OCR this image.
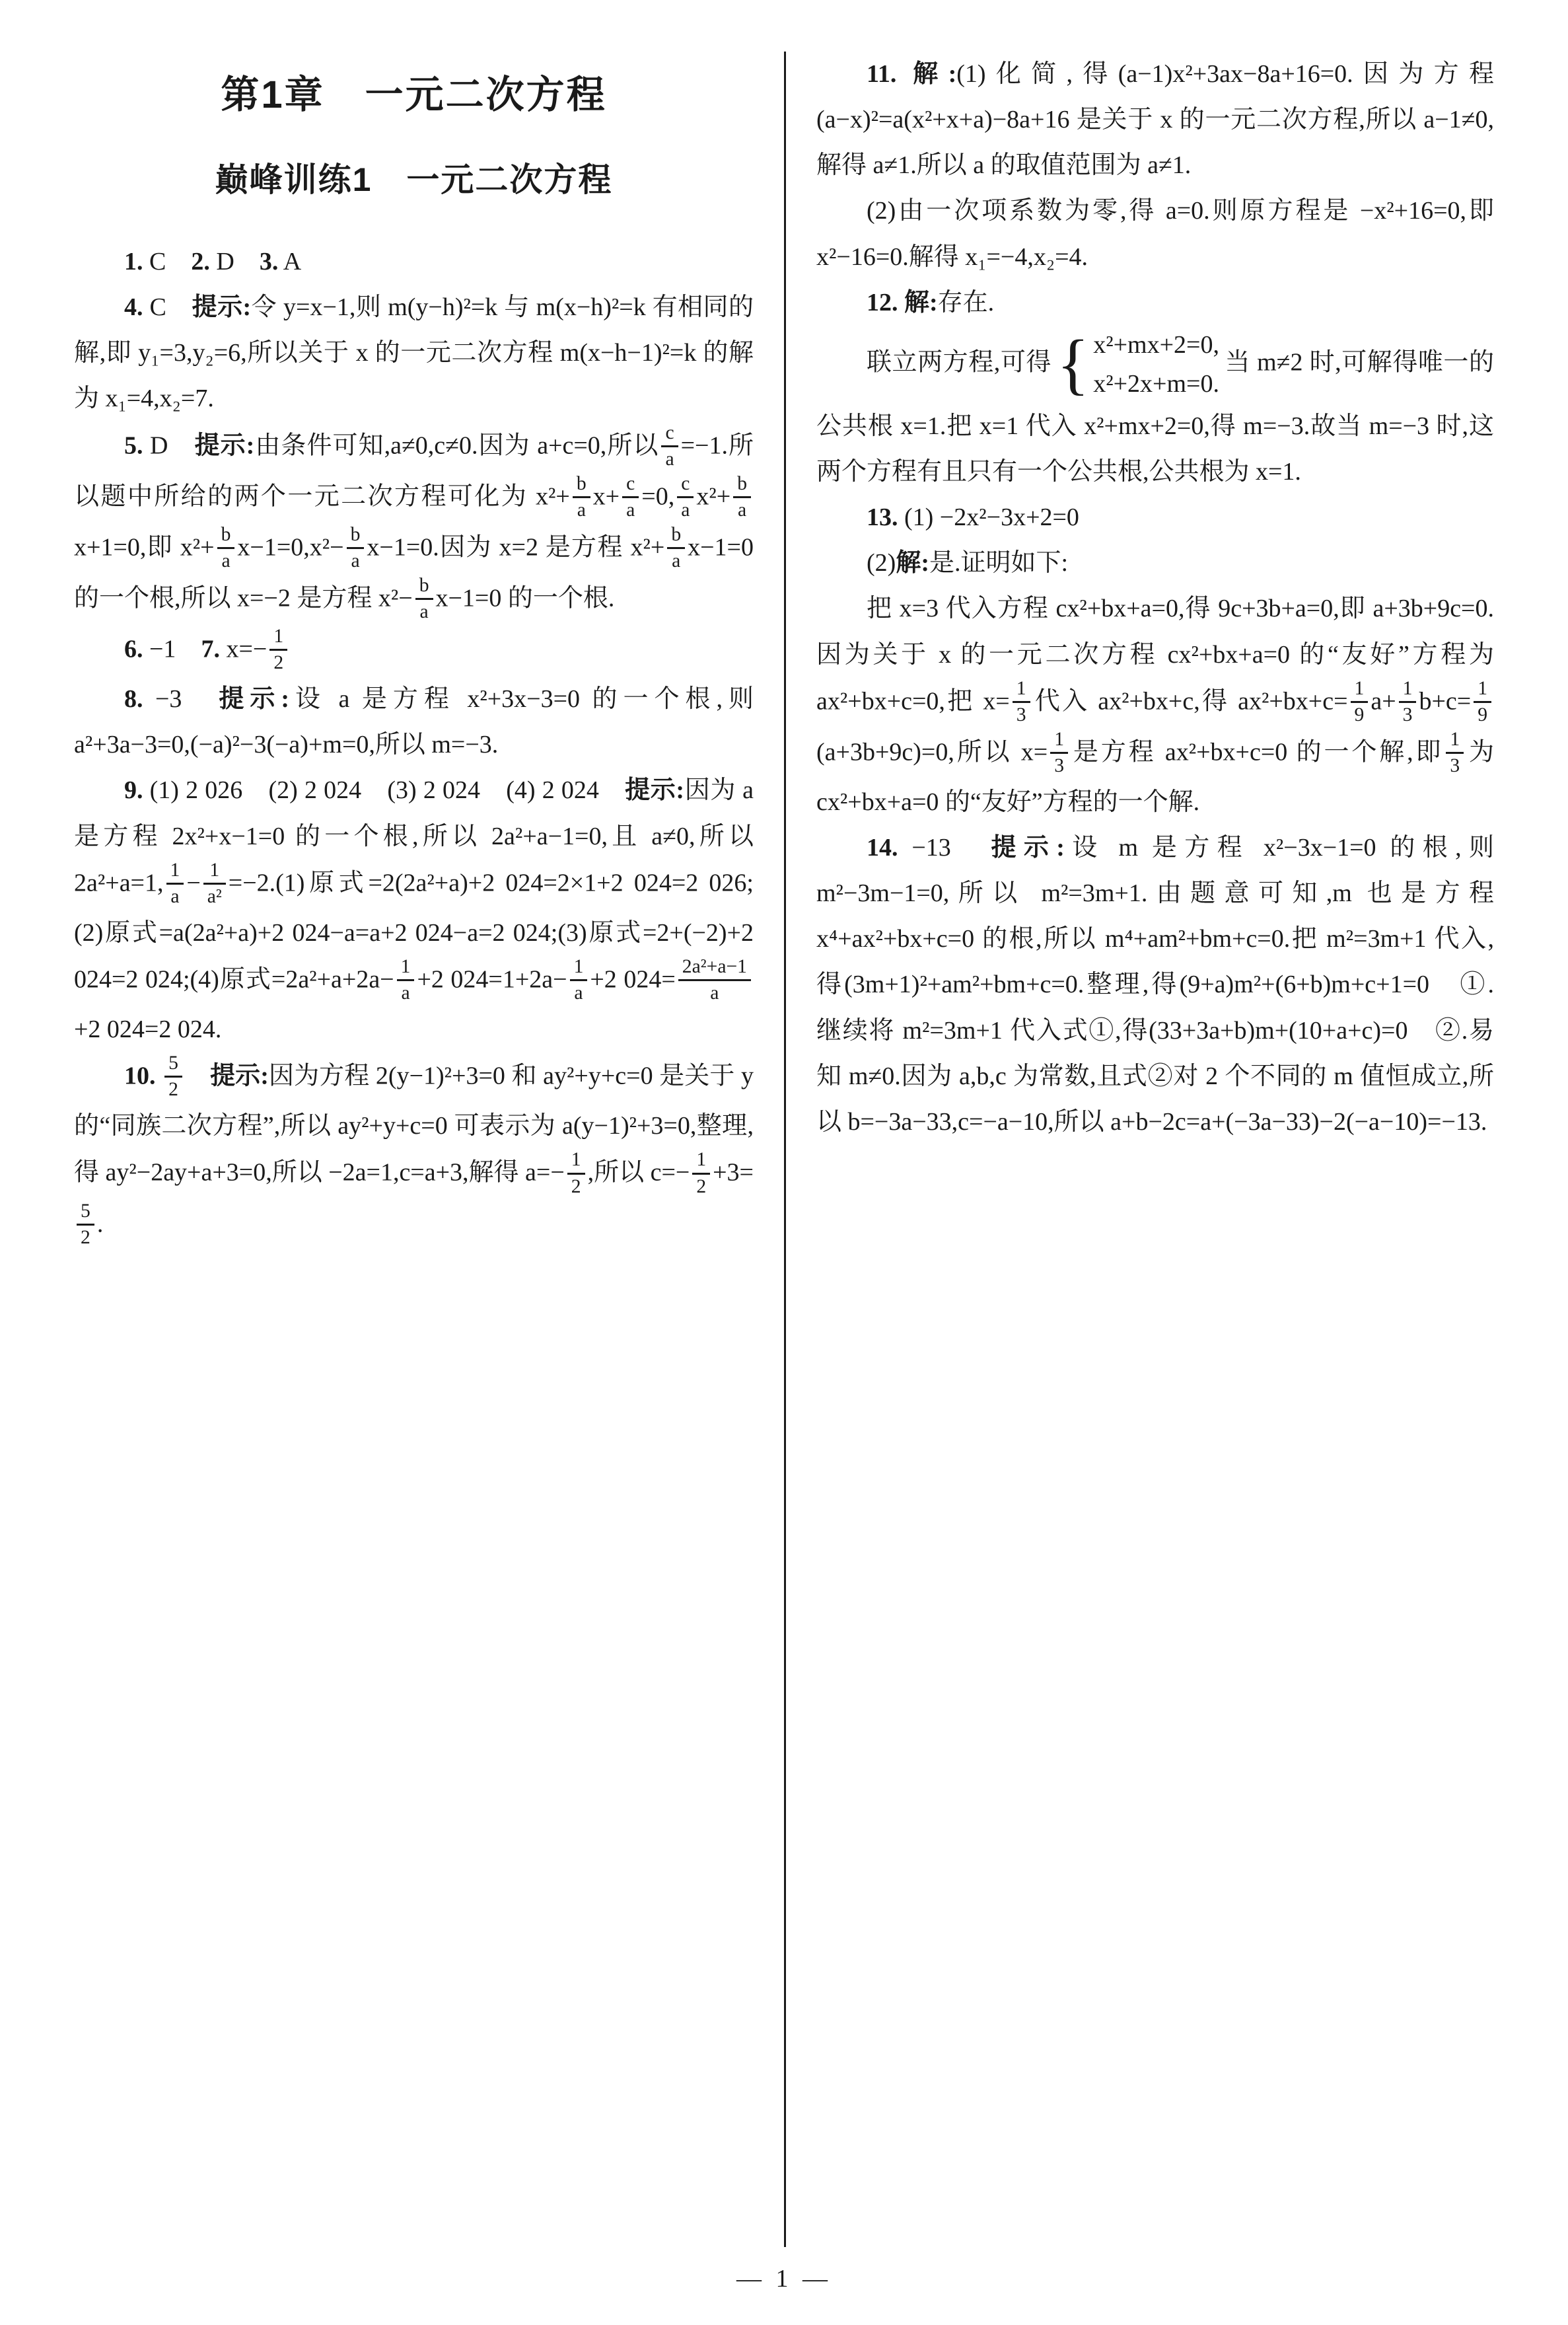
第1章　一元二次方程
巅峰训练1　一元二次方程

1. C　2. D　3. A

4. C　提示:令 y=x−1,则 m(y−h)²=k 与 m(x−h)²=k 有相同的解,即 y₁=3,y₂=6,所以关于 x 的一元二次方程 m(x−h−1)²=k 的解为 x₁=4,x₂=7.

5. D　提示:由条件可知,a≠0,c≠0.因为 a+c=0,所以 $\frac{c}{a} =-1$.所以题中所给的两个一元二次方程可化为 $x^2+ \frac{b}{a} x+ \frac{c}{a} =0$, $\frac{c}{a} x^2+ \frac{b}{a}$
x+1=0,即 $x^2+ \frac{b}{a} x-1=0,x^2- \frac{b}{a} x-1=0$.因为 x=2 是方程 $x^2+ \frac{b}{a} x-1=0$ 的一个根,所以 x=−2 是方程 $x^2- \frac{b}{a} x-1=0$ 的一个根.

6. −1　7. $x=- \frac{1}{2}$

8. −3　提示:设 a 是方程 x²+3x−3=0 的一个根,则 a²+3a−3=0,(−a)²−3(−a)+m=0,所以 m=−3.

9. (1) 2 026　(2) 2 024　(3) 2 024　(4) 2 024　提示:因为 a 是方程 2x²+x−1=0 的一个根,所以 2a²+a−1=0,且 a≠0,所以 2a²+a=1, $\frac{1}{a} - \frac{1}{\text{a²}} =-2.(1)$原式=2(2a²+a)+2 024=2×1+2 024=2 026;(2)原式=a(2a²+a)+2 024−a=a+2 024−a=2 024;(3)原式=2+(−2)+2 024=2 024;(4)原式$=2a^2+a+2a- \frac{1}{a} +2$ $024=1+2a- \frac{1}{a} +2$ $024= \frac{\text{2a²+a−1}}{a}$
+2 024=2 024.

10. $\frac{5}{2}$
　 提示:因为方程 2(y−1)²+3=0 和 ay²+y+c=0 是关于 y 的“同族二次方程”,所以 ay²+y+c=0 可表示为 a(y−1)²+3=0,整理,得 ay²−2ay+a+3=0,所以 −2a=1,c=a+3,解得 $a=- \frac{1}{2}$ ,所以 $c=- \frac{1}{2} +3=$
$\frac{5}{2}$ .

11. 解:(1)化简,得(a−1)x²+3ax−8a+16=0.因为方程(a−x)²=a(x²+x+a)−8a+16 是关于 x 的一元二次方程,所以 a−1≠0,解得 a≠1.所以 a 的取值范围为 a≠1.

(2)由一次项系数为零,得 a=0.则原方程是 −x²+16=0,即 x²−16=0.解得 x₁=−4,x₂=4.

12. 解:存在.

联立两方程,可得 { x²+mx+2=0,
x²+2x+m=0.
当 m≠2 时,可解得唯一的公共根 x=1.把 x=1 代入 x²+mx+2=0,得 m=−3.故当 m=−3 时,这两个方程有且只有一个公共根,公共根为 x=1.

13. (1) −2x²−3x+2=0

(2)解:是.证明如下:

把 x=3 代入方程 cx²+bx+a=0,得 9c+3b+a=0,即 a+3b+9c=0.因为关于 x 的一元二次方程 cx²+bx+a=0 的“友好”方程为 ax²+bx+c=0,把 $x= \frac{1}{3}$ 代入 ax²+bx+c,得 $ax^2+bx+c= \frac{1}{9} a+ \frac{1}{3} b+c= \frac{1}{9}$
(a+3b+9c)=0,所以 $x= \frac{1}{3}$ 是方程 ax²+bx+c=0 的一个解,即 $\frac{1}{3}$ 为 cx²+bx+a=0 的“友好”方程的一个解.

14. −13　提示:设 m 是方程 x²−3x−1=0 的根,则 m²−3m−1=0,所以 m²=3m+1.由题意可知,m 也是方程 x⁴+ax²+bx+c=0 的根,所以 m⁴+am²+bm+c=0.把 m²=3m+1 代入,得(3m+1)²+am²+bm+c=0.整理,得(9+a)m²+(6+b)m+c+1=0　①.继续将 m²=3m+1 代入式①,得(33+3a+b)m+(10+a+c)=0　②.易知 m≠0.因为 a,b,c 为常数,且式②对 2 个不同的 m 值恒成立,所以 b=−3a−33,c=−a−10,所以 a+b−2c=a+(−3a−33)−2(−a−10)=−13.

— 1 —
